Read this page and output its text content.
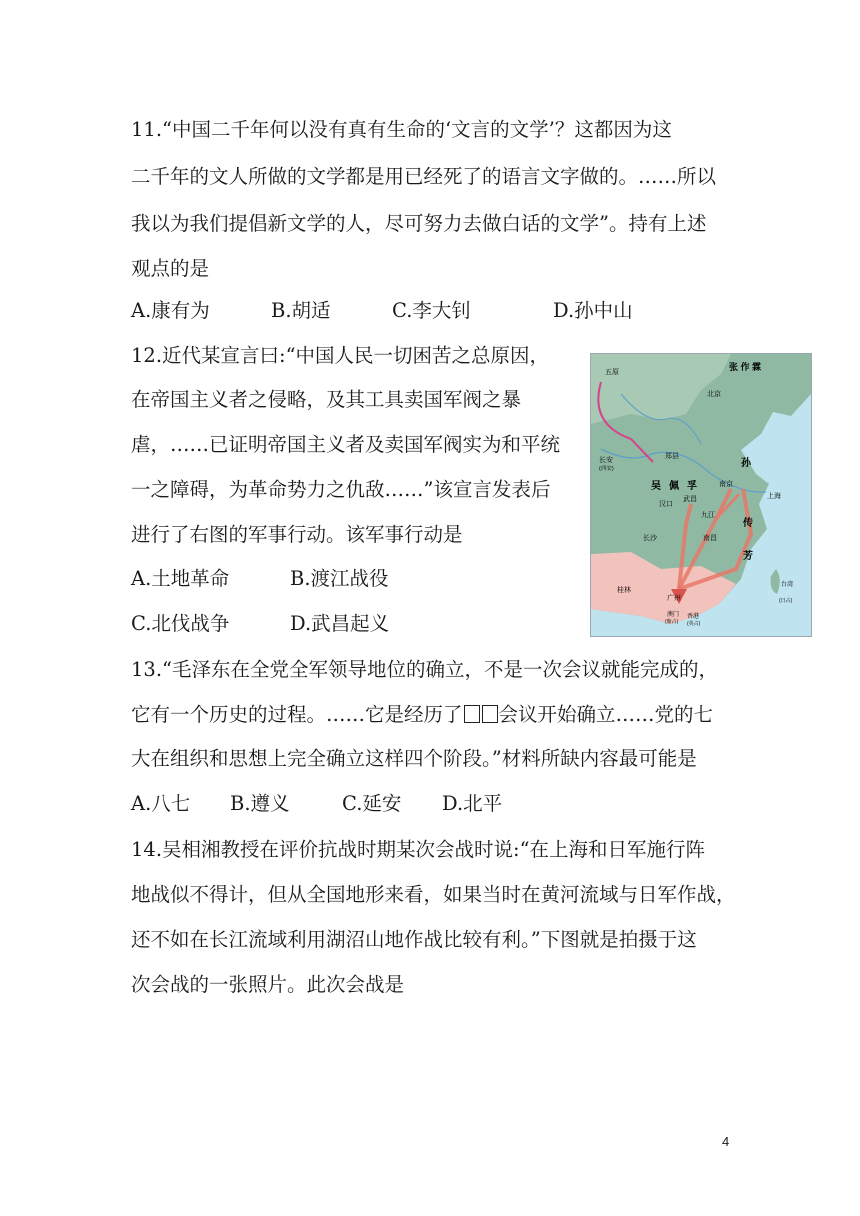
11.“中国二千年何以没有真有生命的‘文言的文学’？这都因为这
二千年的文人所做的文学都是用已经死了的语言文字做的。……所以
我以为我们提倡新文学的人，尽可努力去做白话的文学”。持有上述
观点的是
A.康有为	B.胡适	C.李大钊	D.孙中山
12.近代某宣言曰:“中国人民一切困苦之总原因，
在帝国主义者之侵略，及其工具卖国军阀之暴
虐，……已证明帝国主义者及卖国军阀实为和平统
一之障碍，为革命势力之仇敌……”该宣言发表后
进行了右图的军事行动。该军事行动是
A.土地革命	B.渡江战役
C.北伐战争	D.武昌起义
五原
张 作 霖
北京
郑县
长安
(西安)
吴 佩 孚
孙
传
芳
南京
上海
汉口
武昌
九江
长沙	南昌
桂林
广州
澳门
(葡占)
香港
(英占)
台湾
(日占)
13.“毛泽东在全党全军领导地位的确立，不是一次会议就能完成的，
它有一个历史的过程。……它是经历了 会议开始确立……党的七
大在组织和思想上完全确立这样四个阶段。”材料所缺内容最可能是
A.八七 B.遵义	C.延安 D.北平
14.吴相湘教授在评价抗战时期某次会战时说:“在上海和日军施行阵
地战似不得计，但从全国地形来看，如果当时在黄河流域与日军作战，
还不如在长江流域利用湖沼山地作战比较有利。”下图就是拍摄于这
次会战的一张照片。此次会战是
4
